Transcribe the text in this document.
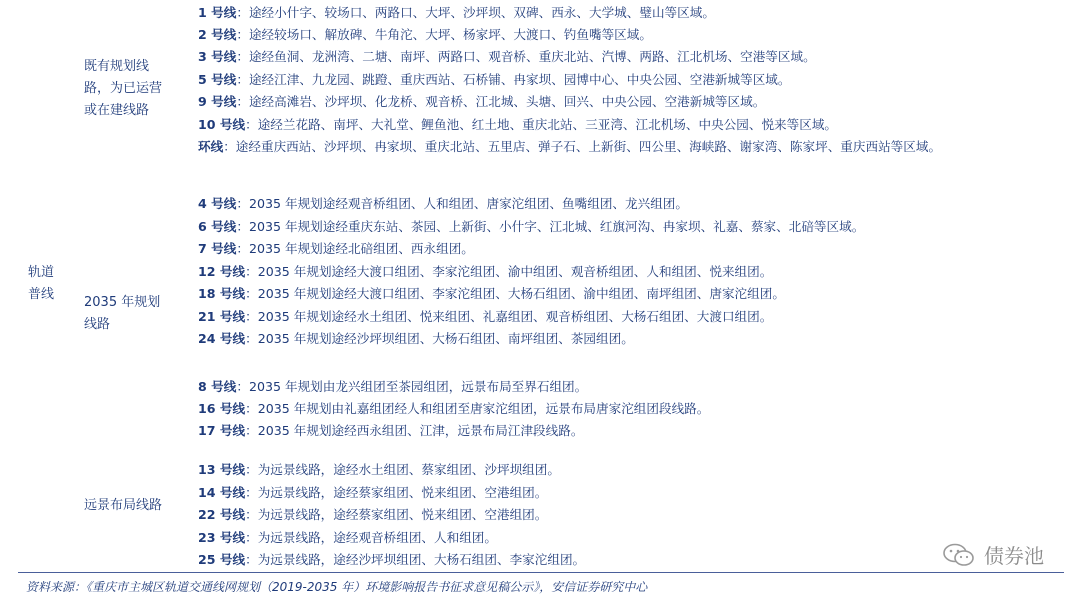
轨道
普线
既有规划线
路，为已运营
或在建线路
2035 年规划
线路
远景布局线路
1 号线：途经小什字、较场口、两路口、大坪、沙坪坝、双碑、西永、大学城、璧山等区域。
2 号线：途经较场口、解放碑、牛角沱、大坪、杨家坪、大渡口、钓鱼嘴等区域。
3 号线：途经鱼洞、龙洲湾、二塘、南坪、两路口、观音桥、重庆北站、汽博、两路、江北机场、空港等区域。
5 号线：途经江津、九龙园、跳蹬、重庆西站、石桥铺、冉家坝、园博中心、中央公园、空港新城等区域。
9 号线：途经高滩岩、沙坪坝、化龙桥、观音桥、江北城、头塘、回兴、中央公园、空港新城等区域。
10 号线：途经兰花路、南坪、大礼堂、鲤鱼池、红土地、重庆北站、三亚湾、江北机场、中央公园、悦来等区域。
环线：途经重庆西站、沙坪坝、冉家坝、重庆北站、五里店、弹子石、上新街、四公里、海峡路、谢家湾、陈家坪、重庆西站等区域。
4 号线：2035 年规划途经观音桥组团、人和组团、唐家沱组团、鱼嘴组团、龙兴组团。
6 号线：2035 年规划途经重庆东站、茶园、上新街、小什字、江北城、红旗河沟、冉家坝、礼嘉、蔡家、北碚等区域。
7 号线：2035 年规划途经北碚组团、西永组团。
12 号线：2035 年规划途经大渡口组团、李家沱组团、渝中组团、观音桥组团、人和组团、悦来组团。
18 号线：2035 年规划途经大渡口组团、李家沱组团、大杨石组团、渝中组团、南坪组团、唐家沱组团。
21 号线：2035 年规划途经水土组团、悦来组团、礼嘉组团、观音桥组团、大杨石组团、大渡口组团。
24 号线：2035 年规划途经沙坪坝组团、大杨石组团、南坪组团、茶园组团。
8 号线：2035 年规划由龙兴组团至茶园组团，远景布局至界石组团。
16 号线：2035 年规划由礼嘉组团经人和组团至唐家沱组团，远景布局唐家沱组团段线路。
17 号线：2035 年规划途经西永组团、江津，远景布局江津段线路。
13 号线：为远景线路，途经水土组团、蔡家组团、沙坪坝组团。
14 号线：为远景线路，途经蔡家组团、悦来组团、空港组团。
22 号线：为远景线路，途经蔡家组团、悦来组团、空港组团。
23 号线：为远景线路，途经观音桥组团、人和组团。
25 号线：为远景线路，途经沙坪坝组团、大杨石组团、李家沱组团。	债券池
资料来源：《重庆市主城区轨道交通线网规划（2019-2035 年）环境影响报告书征求意见稿公示》，安信证券研究中心
